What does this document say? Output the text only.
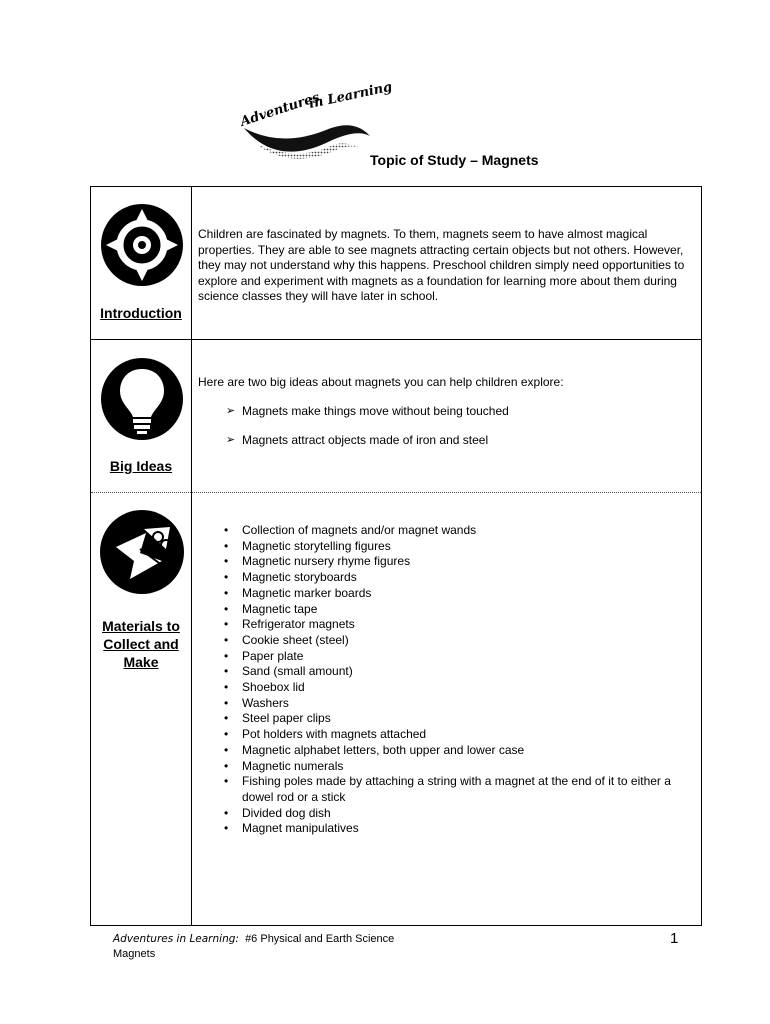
Adventures
in Learning
Topic of Study – Magnets
Introduction
Children are fascinated by magnets. To them, magnets seem to have almost magical properties. They are able to see magnets attracting certain objects but not others. However, they may not understand why this happens. Preschool children simply need opportunities to explore and experiment with magnets as a foundation for learning more about them during science classes they will have later in school.
Big Ideas

Here are two big ideas about magnets you can help children explore:

➢ Magnets make things move without being touched
➢ Magnets attract objects made of iron and steel
Materials to
Collect and
Make
• Collection of magnets and/or magnet wands
• Magnetic storytelling figures
• Magnetic nursery rhyme figures
• Magnetic storyboards
• Magnetic marker boards
• Magnetic tape
• Refrigerator magnets
• Cookie sheet (steel)
• Paper plate
• Sand (small amount)
• Shoebox lid
• Washers
• Steel paper clips
• Pot holders with magnets attached
• Magnetic alphabet letters, both upper and lower case
• Magnetic numerals
• Fishing poles made by attaching a string with a magnet at the end of it to either a dowel rod or a stick
• Divided dog dish
• Magnet manipulatives
Adventures in Learning: #6 Physical and Earth Science
Magnets
1
